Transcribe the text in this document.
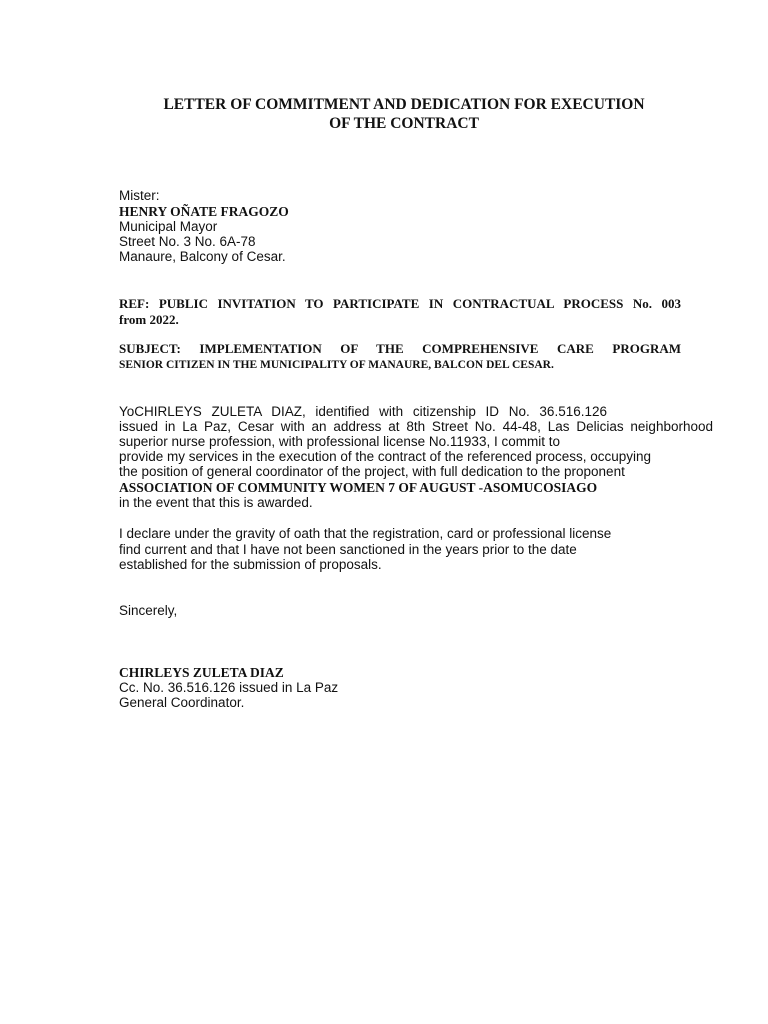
LETTER OF COMMITMENT AND DEDICATION FOR EXECUTION
OF THE CONTRACT
Mister:
HENRY OÑATE FRAGOZO
Municipal Mayor
Street No. 3 No. 6A-78
Manaure, Balcony of Cesar.
REF: PUBLIC INVITATION TO PARTICIPATE IN CONTRACTUAL PROCESS No. 003
from 2022.
SUBJECT: IMPLEMENTATION OF THE COMPREHENSIVE CARE PROGRAM
SENIOR CITIZEN IN THE MUNICIPALITY OF MANAURE, BALCON DEL CESAR.
YoCHIRLEYS ZULETA DIAZ, identified with citizenship ID No. 36.516.126
issued in La Paz, Cesar with an address at 8th Street No. 44-48, Las Delicias neighborhood
superior nurse profession, with professional license No.11933, I commit to
provide my services in the execution of the contract of the referenced process, occupying
the position of general coordinator of the project, with full dedication to the proponent
ASSOCIATION OF COMMUNITY WOMEN 7 OF AUGUST -ASOMUCOSIAGO
in the event that this is awarded.
I declare under the gravity of oath that the registration, card or professional license
find current and that I have not been sanctioned in the years prior to the date
established for the submission of proposals.
Sincerely,
CHIRLEYS ZULETA DIAZ
Cc. No. 36.516.126 issued in La Paz
General Coordinator.
